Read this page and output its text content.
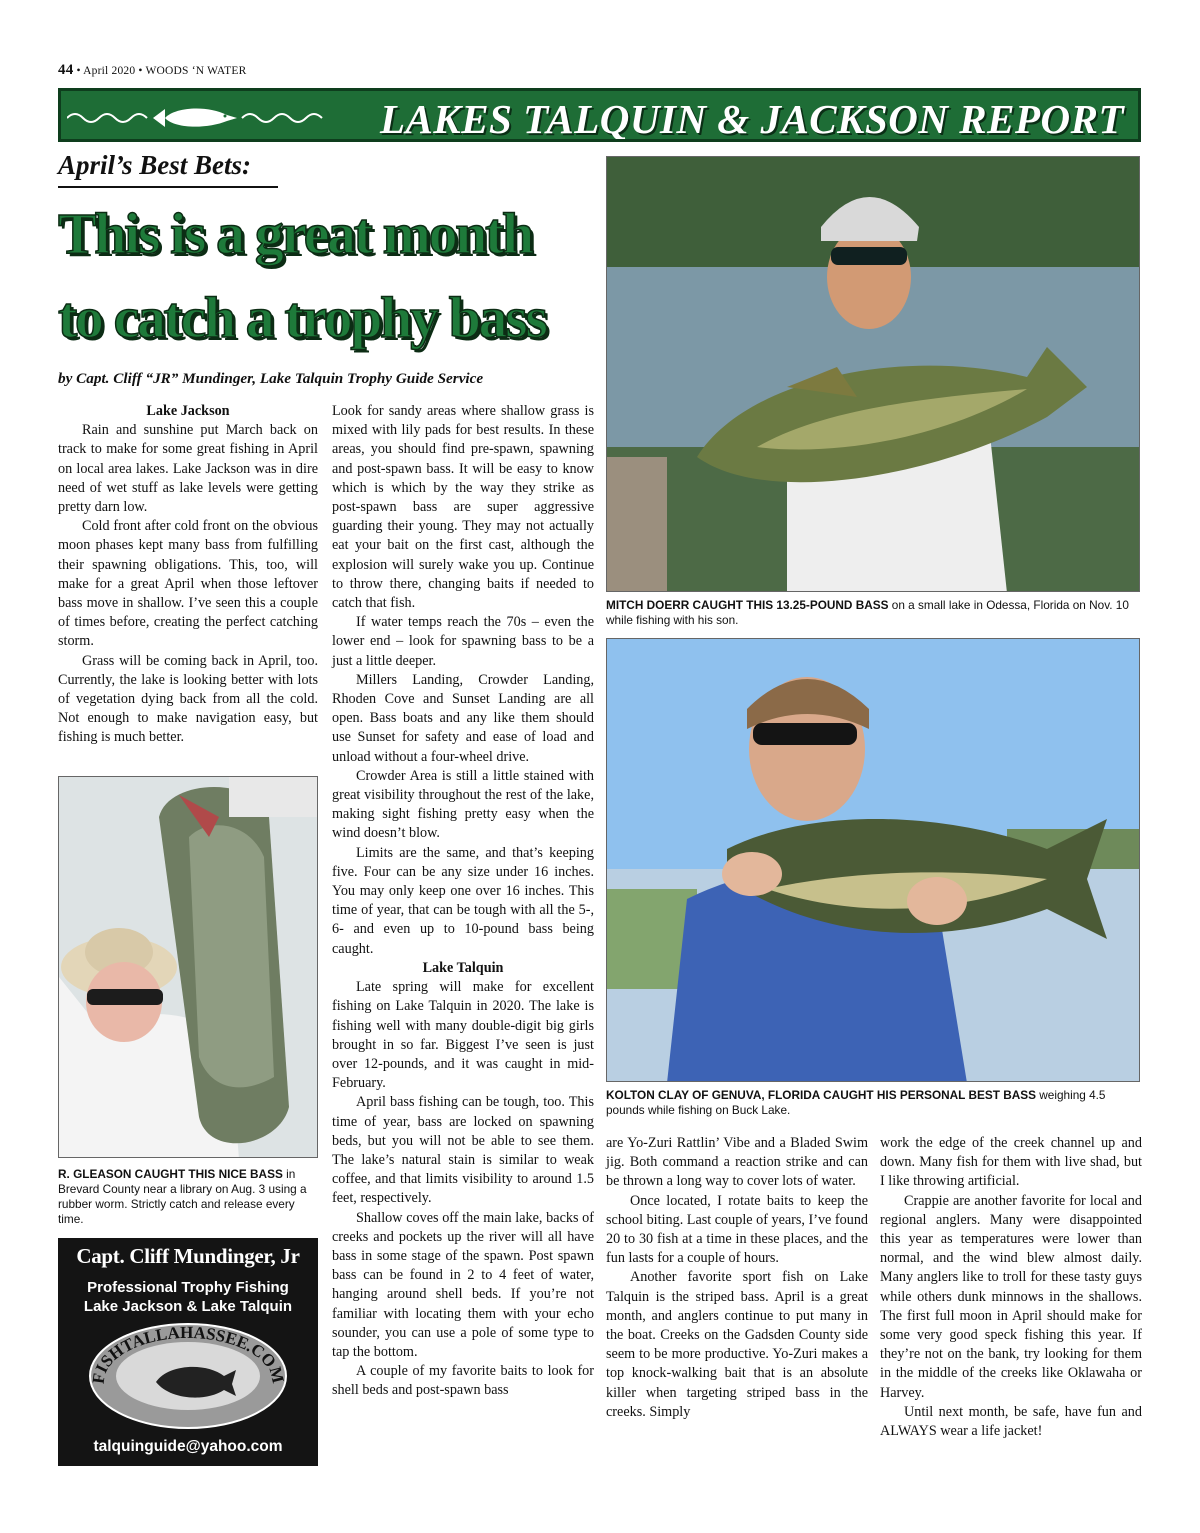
44 • April 2020 • WOODS ‘N WATER
LAKES TALQUIN & JACKSON REPORT
April’s Best Bets:
This is a great month
to catch a trophy bass
by Capt. Cliff “JR” Mundinger, Lake Talquin Trophy Guide Service
Lake Jackson

Rain and sunshine put March back on track to make for some great fishing in April on local area lakes. Lake Jackson was in dire need of wet stuff as lake levels were getting pretty darn low.

Cold front after cold front on the obvious moon phases kept many bass from fulfilling their spawning obligations. This, too, will make for a great April when those leftover bass move in shallow. I’ve seen this a couple of times before, creating the perfect catching storm.

Grass will be coming back in April, too. Currently, the lake is looking better with lots of vegetation dying back from all the cold. Not enough to make navigation easy, but fishing is much better.

R. GLEASON CAUGHT THIS NICE BASS in Brevard County near a library on Aug. 3 using a rubber worm. Strictly catch and release every time.
Capt. Cliff Mundinger, Jr
Professional Trophy Fishing
Lake Jackson & Lake Talquin
FISHTALLAHASSEE.COM
talquinguide@yahoo.com

Look for sandy areas where shallow grass is mixed with lily pads for best results. In these areas, you should find pre-spawn, spawning and post-spawn bass. It will be easy to know which is which by the way they strike as post-spawn bass are super aggressive guarding their young. They may not actually eat your bait on the first cast, although the explosion will surely wake you up. Continue to throw there, changing baits if needed to catch that fish.

If water temps reach the 70s – even the lower end – look for spawning bass to be a just a little deeper.

Millers Landing, Crowder Landing, Rhoden Cove and Sunset Landing are all open. Bass boats and any like them should use Sunset for safety and ease of load and unload without a four-wheel drive.

Crowder Area is still a little stained with great visibility throughout the rest of the lake, making sight fishing pretty easy when the wind doesn’t blow.

Limits are the same, and that’s keeping five. Four can be any size under 16 inches. You may only keep one over 16 inches. This time of year, that can be tough with all the 5-, 6- and even up to 10-pound bass being caught.

Lake Talquin

Late spring will make for excellent fishing on Lake Talquin in 2020. The lake is fishing well with many double-digit big girls brought in so far. Biggest I’ve seen is just over 12-pounds, and it was caught in mid-February.

April bass fishing can be tough, too. This time of year, bass are locked on spawning beds, but you will not be able to see them. The lake’s natural stain is similar to weak coffee, and that limits visibility to around 1.5 feet, respectively.

Shallow coves off the main lake, backs of creeks and pockets up the river will all have bass in some stage of the spawn. Post spawn bass can be found in 2 to 4 feet of water, hanging around shell beds. If you’re not familiar with locating them with your echo sounder, you can use a pole of some type to tap the bottom.

A couple of my favorite baits to look for shell beds and post-spawn bass

MITCH DOERR CAUGHT THIS 13.25-POUND BASS on a small lake in Odessa, Florida on Nov. 10 while fishing with his son.
KOLTON CLAY OF GENUVA, FLORIDA CAUGHT HIS PERSONAL BEST BASS weighing 4.5 pounds while fishing on Buck Lake.

are Yo-Zuri Rattlin’ Vibe and a Bladed Swim jig. Both command a reaction strike and can be thrown a long way to cover lots of water.

Once located, I rotate baits to keep the school biting. Last couple of years, I’ve found 20 to 30 fish at a time in these places, and the fun lasts for a couple of hours.

Another favorite sport fish on Lake Talquin is the striped bass. April is a great month, and anglers continue to put many in the boat. Creeks on the Gadsden County side seem to be more productive. Yo-Zuri makes a top knock-walking bait that is an absolute killer when targeting striped bass in the creeks. Simply

work the edge of the creek channel up and down. Many fish for them with live shad, but I like throwing artificial.

Crappie are another favorite for local and regional anglers. Many were disappointed this year as temperatures were lower than normal, and the wind blew almost daily. Many anglers like to troll for these tasty guys while others dunk minnows in the shallows. The first full moon in April should make for some very good speck fishing this year. If they’re not on the bank, try looking for them in the middle of the creeks like Oklawaha or Harvey.

Until next month, be safe, have fun and ALWAYS wear a life jacket!
